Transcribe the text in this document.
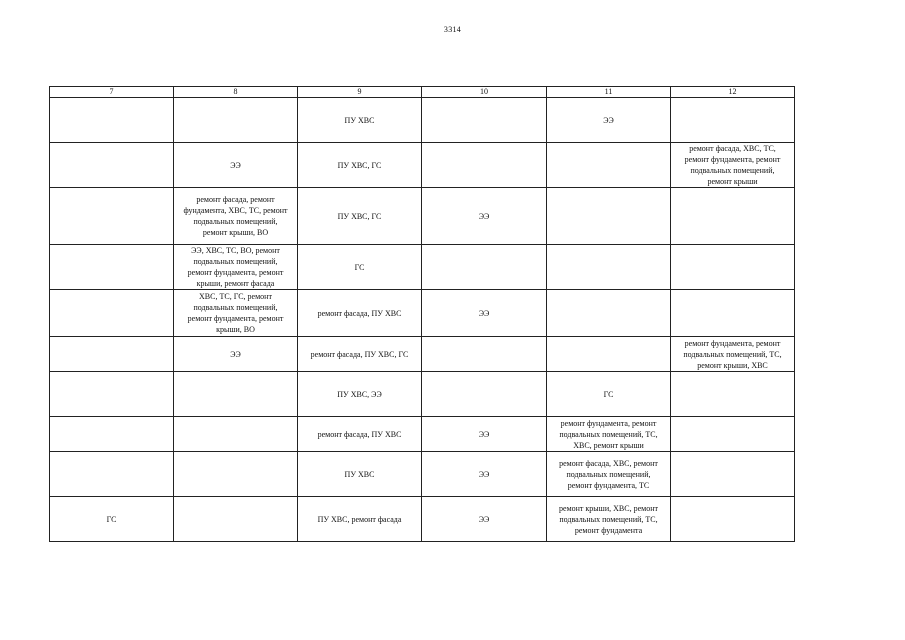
3314
7	8	9	10	11	12

		ПУ ХВС		ЭЭ	

	ЭЭ	ПУ ХВС, ГС			ремонт фасада, ХВС, ТС,
ремонт фундамента, ремонт
подвальных помещений,
ремонт крыши

	ремонт фасада, ремонт
фундамента, ХВС, ТС, ремонт
подвальных помещений,
ремонт крыши, ВО	ПУ ХВС, ГС	ЭЭ		

	ЭЭ, ХВС, ТС, ВО, ремонт
подвальных помещений,
ремонт фундамента, ремонт
крыши, ремонт фасада	ГС			

	ХВС, ТС, ГС, ремонт
подвальных помещений,
ремонт фундамента, ремонт
крыши, ВО	ремонт фасада, ПУ ХВС	ЭЭ		

	ЭЭ	ремонт фасада, ПУ ХВС, ГС			ремонт фундамента, ремонт
подвальных помещений, ТС,
ремонт крыши, ХВС

		ПУ ХВС, ЭЭ		ГС	

		ремонт фасада, ПУ ХВС	ЭЭ	ремонт фундамента, ремонт
подвальных помещений, ТС,
ХВС, ремонт крыши	

		ПУ ХВС	ЭЭ	ремонт фасада, ХВС, ремонт
подвальных помещений,
ремонт фундамента, ТС	

ГС		ПУ ХВС, ремонт фасада	ЭЭ	ремонт крыши, ХВС, ремонт
подвальных помещений, ТС,
ремонт фундамента	
